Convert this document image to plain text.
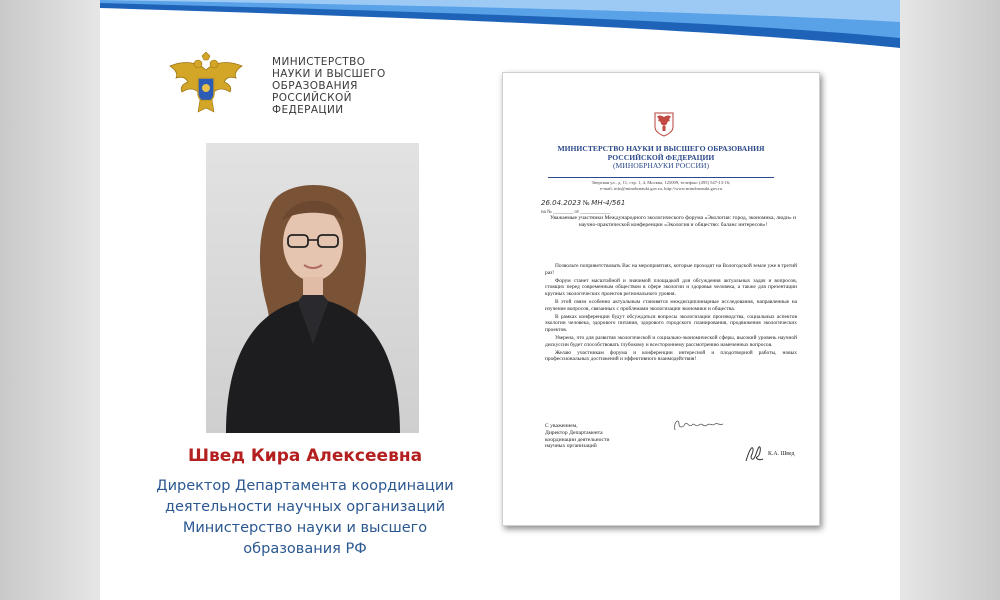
МИНИСТЕРСТВО
НАУКИ И ВЫСШЕГО
ОБРАЗОВАНИЯ
РОССИЙСКОЙ
ФЕДЕРАЦИИ
Швед Кира Алексеевна
Директор Департамента координации
деятельности научных организаций
Министерство науки и высшего
образования РФ
МИНИСТЕРСТВО НАУКИ И ВЫСШЕГО ОБРАЗОВАНИЯ
РОССИЙСКОЙ ФЕДЕРАЦИИ
(МИНОБРНАУКИ РОССИИ)
Тверская ул., д. 11, стр. 1, 4, Москва, 125009, телефон: (495) 547-13-16,
e-mail: info@minobrnauki.gov.ru, http://www.minobrnauki.gov.ru
26.04.2023 № МН-4/561
на № ________ от ____________
Уважаемые участники Международного экологического форума «Экология: город, экономика, люди» и научно-практической конференции «Экология и общество: баланс интересов»!

Позвольте поприветствовать Вас на мероприятиях, которые проходят на Вологодской земле уже в третий раз!

Форум станет масштабной и значимой площадкой для обсуждения актуальных задач и вопросов, стоящих перед современным обществом в сфере экологии и здоровья человека, а также для презентации крупных экологических проектов регионального уровня.

В этой связи особенно актуальным становятся междисциплинарные исследования, направленные на изучение вопросов, связанных с проблемами экологизации экономики и общества.

В рамках конференции будут обсуждаться вопросы экологизации производства, социальных аспектов экологии человека, здорового питания, здорового городского планирования, продвижения экологических проектов.

Уверена, что для развития экологической и социально-экономической сферы, высокий уровень научной дискуссии будет способствовать глубокому и всестороннему рассмотрению намеченных вопросов.

Желаю участникам форума и конференции интересной и плодотворной работы, новых профессиональных достижений и эффективного взаимодействия!

С уважением,
Директор Департамента
координации деятельности
научных организаций
К.А. Швед
